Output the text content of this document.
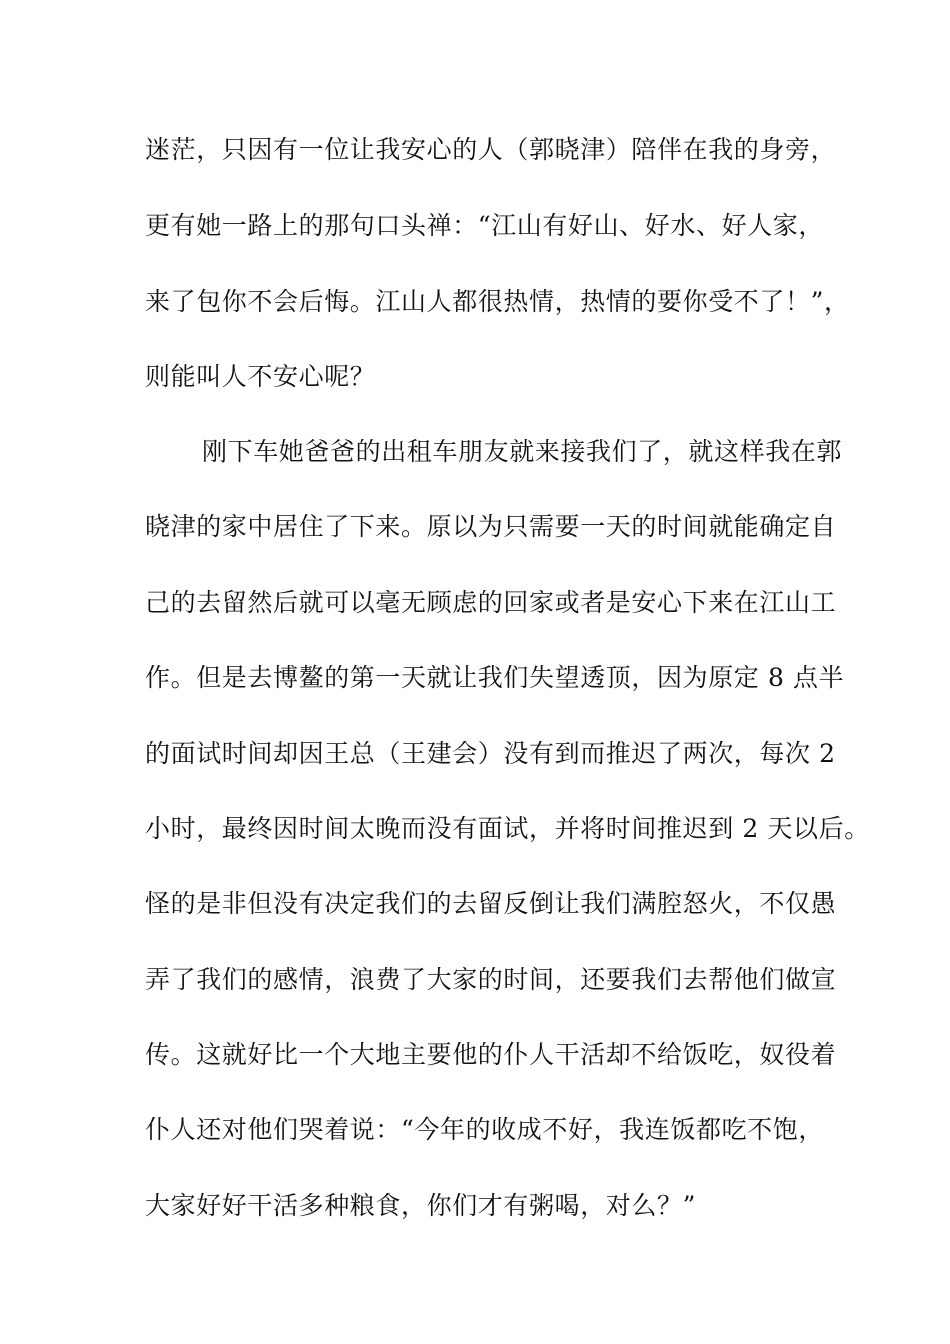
迷茫，只因有一位让我安心的人（郭晓津）陪伴在我的身旁，

更有她一路上的那句口头禅：“江山有好山、好水、好人家，

来了包你不会后悔。江山人都很热情，热情的要你受不了！”，

则能叫人不安心呢？

刚下车她爸爸的出租车朋友就来接我们了，就这样我在郭

晓津的家中居住了下来。原以为只需要一天的时间就能确定自

己的去留然后就可以毫无顾虑的回家或者是安心下来在江山工

作。但是去博鳌的第一天就让我们失望透顶，因为原定 8 点半

的面试时间却因王总（王建会）没有到而推迟了两次，每次 2

小时，最终因时间太晚而没有面试，并将时间推迟到 2 天以后。

怪的是非但没有决定我们的去留反倒让我们满腔怒火，不仅愚

弄了我们的感情，浪费了大家的时间，还要我们去帮他们做宣

传。这就好比一个大地主要他的仆人干活却不给饭吃，奴役着

仆人还对他们哭着说：“今年的收成不好，我连饭都吃不饱，

大家好好干活多种粮食，你们才有粥喝，对么？”
